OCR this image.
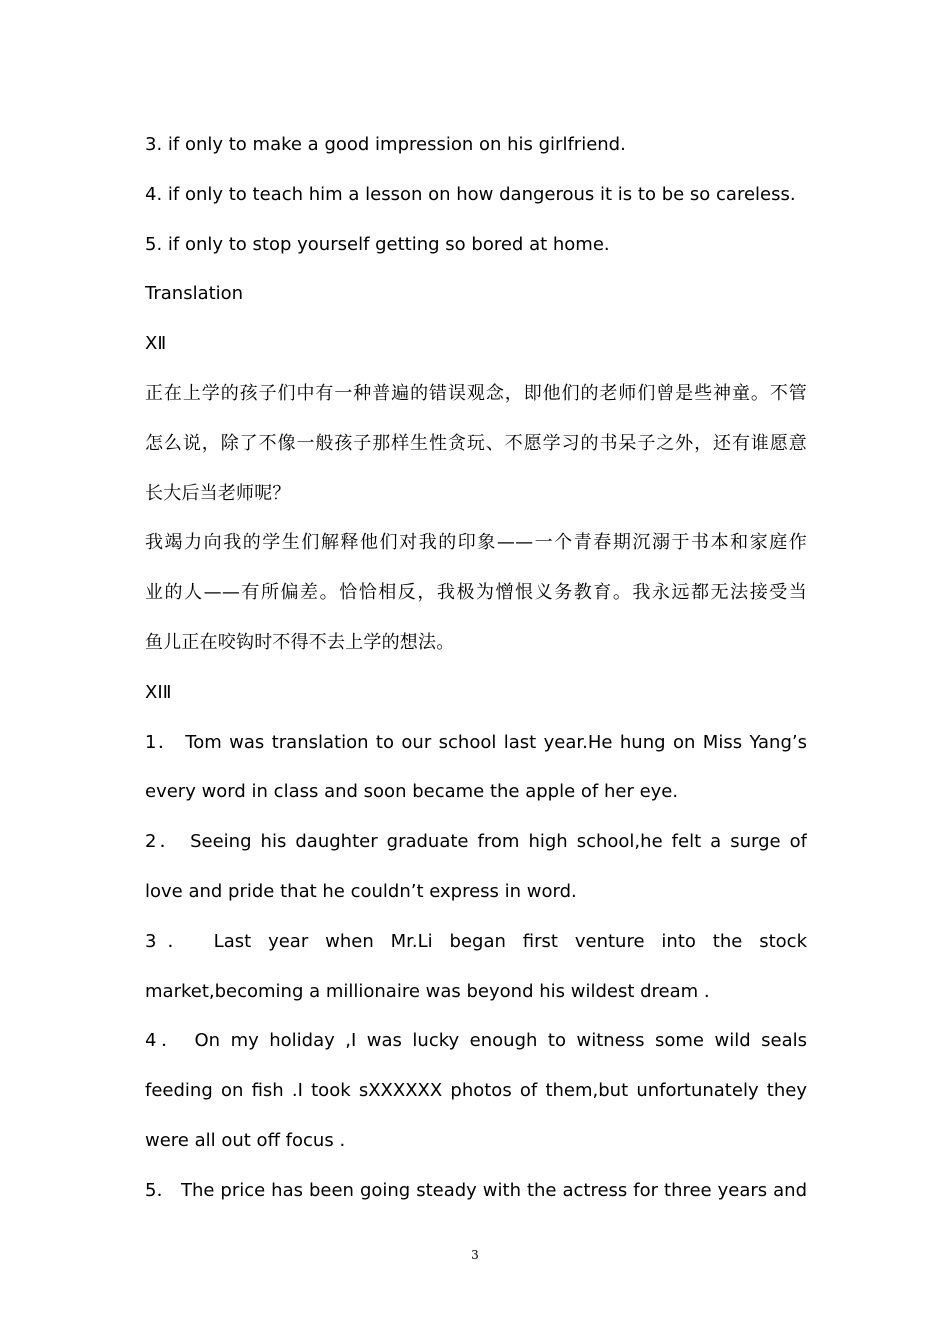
3. if only to make a good impression on his girlfriend.
4. if only to teach him a lesson on how dangerous it is to be so careless.
5. if only to stop yourself getting so bored at home.
Translation
XⅡ
正在上学的孩子们中有一种普遍的错误观念，即他们的老师们曾是些神童。不管
怎么说，除了不像一般孩子那样生性贪玩、不愿学习的书呆子之外，还有谁愿意
长大后当老师呢？
我竭力向我的学生们解释他们对我的印象——一个青春期沉溺于书本和家庭作
业的人——有所偏差。恰恰相反，我极为憎恨义务教育。我永远都无法接受当
鱼儿正在咬钩时不得不去上学的想法。
XⅠⅡ
1． Tom was translation to our school last year.He hung on Miss Yang’s
every word in class and soon became the apple of her eye.
2． Seeing his daughter graduate from high school,he felt a surge of
love and pride that he couldn’t express in word.
3． Last year when Mr.Li began first venture into the stock
market,becoming a millionaire was beyond his wildest dream .
4． On my holiday ,I was lucky enough to witness some wild seals
feeding on fish .I took sXXXXXX photos of them,but unfortunately they
were all out off focus .
5． The price has been going steady with the actress for three years and
3
